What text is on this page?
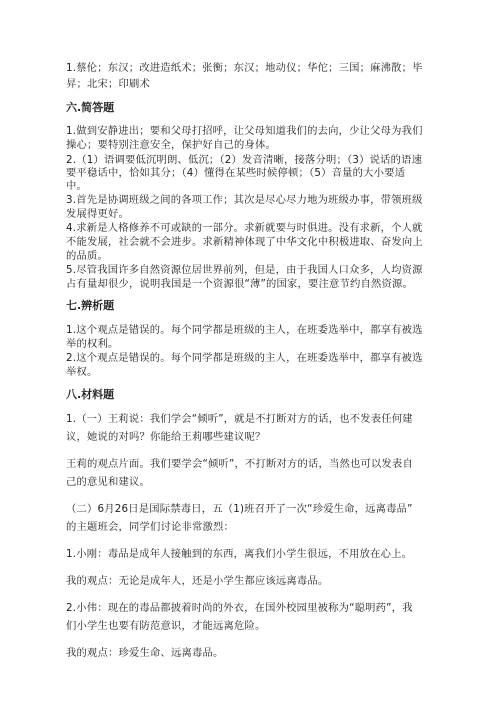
1.蔡伦；东汉；改进造纸术；张衡；东汉；地动仪；华佗；三国；麻沸散；毕
昇；北宋；印刷术
六.简答题
1.做到安静进出；要和父母打招呼，让父母知道我们的去向，少让父母为我们
操心；要特别注意安全，保护好自己的身体。
2.（1）语调要低沉明朗、低沉；（2）发音清晰，接落分明；（3）说话的语速
要平稳话中，恰如其分；（4）懂得在某些时候停顿；（5）音量的大小要适
中。
3.首先是协调班级之间的各项工作；其次是尽心尽力地为班级办事，带领班级
发展得更好。
4.求新是人格修养不可或缺的一部分。求新就要与时俱进。没有求新，个人就
不能发展，社会就不会进步。求新精神体现了中华文化中积极进取、奋发向上
的品质。
5.尽管我国许多自然资源位居世界前列，但是，由于我国人口众多，人均资源
占有量却很少，说明我国是一个资源很“薄”的国家，要注意节约自然资源。
七.辨析题
1.这个观点是错误的。每个同学都是班级的主人，在班委选举中，都享有被选
举的权利。
2.这个观点是错误的。每个同学都是班级的主人，在班委选举中，都享有被选
举权。
八.材料题
1.（一）王莉说：我们学会“倾听”，就是不打断对方的话，也不发表任何建
议，她说的对吗？你能给王莉哪些建议呢？
王莉的观点片面。我们要学会“倾听”，不打断对方的话，当然也可以发表自
己的意见和建议。
（二）6月26日是国际禁毒日，五（1)班召开了一次“珍爱生命，远离毒品”
的主题班会，同学们讨论非常激烈：
1.小刚：毒品是成年人接触到的东西，离我们小学生很远，不用放在心上。
我的观点：无论是成年人，还是小学生都应该远离毒品。
2.小伟：现在的毒品都披着时尚的外衣，在国外校园里被称为“聪明药”，我
们小学生也要有防范意识，才能远离危险。
我的观点：珍爱生命、远离毒品。
